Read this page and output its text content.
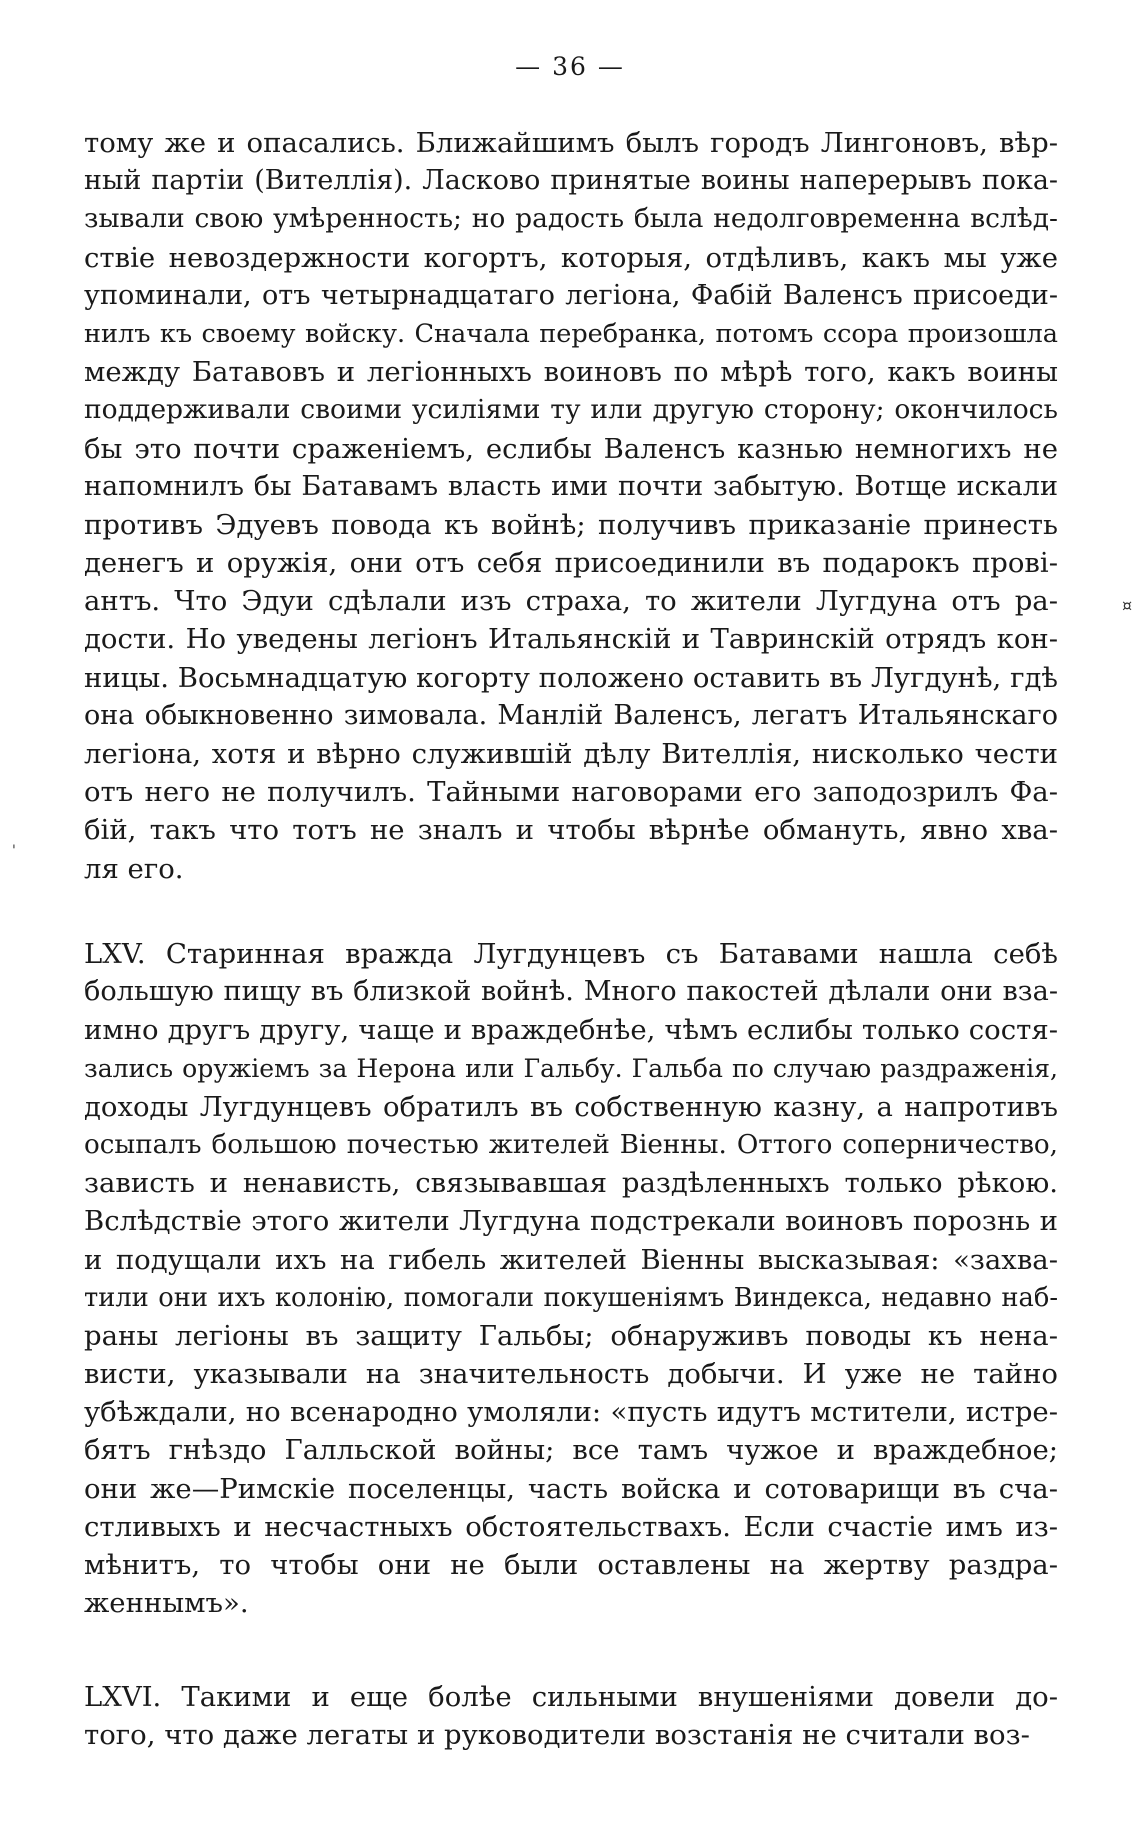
— 36 —
тому же и опасались. Ближайшимъ былъ городъ Лингоновъ, вѣр-
ный партіи (Вителлія). Ласково принятые воины наперерывъ пока-
зывали свою умѣренность; но радость была недолговременна вслѣд-
ствіе невоздержности когортъ, которыя, отдѣливъ, какъ мы уже
упоминали, отъ четырнадцатаго легіона, Фабій Валенсъ присоеди-
нилъ къ своему войску. Сначала перебранка, потомъ ссора произошла
между Батавовъ и легіонныхъ воиновъ по мѣрѣ того, какъ воины
поддерживали своими усиліями ту или другую сторону; окончилось
бы это почти сраженіемъ, еслибы Валенсъ казнью немногихъ не
напомнилъ бы Батавамъ власть ими почти забытую. Вотще искали
противъ Эдуевъ повода къ войнѣ; получивъ приказаніе принесть
денегъ и оружія, они отъ себя присоединили въ подарокъ прові-
антъ. Что Эдуи сдѣлали изъ страха, то жители Лугдуна отъ ра-
дости. Но уведены легіонъ Итальянскій и Тавринскій отрядъ кон-
ницы. Восьмнадцатую когорту положено оставить въ Лугдунѣ, гдѣ
она обыкновенно зимовала. Манлій Валенсъ, легатъ Итальянскаго
легіона, хотя и вѣрно служившій дѣлу Вителлія, нисколько чести
отъ него не получилъ. Тайными наговорами его заподозрилъ Фа-
бій, такъ что тотъ не зналъ и чтобы вѣрнѣе обмануть, явно хва-
ля его.
LXV. Старинная вражда Лугдунцевъ съ Батавами нашла себѣ
большую пищу въ близкой войнѣ. Много пакостей дѣлали они вза-
имно другъ другу, чаще и враждебнѣе, чѣмъ еслибы только состя-
зались оружіемъ за Нерона или Гальбу. Гальба по случаю раздраженія,
доходы Лугдунцевъ обратилъ въ собственную казну, а напротивъ
осыпалъ большою почестью жителей Віенны. Оттого соперничество,
зависть и ненависть, связывавшая раздѣленныхъ только рѣкою.
Вслѣдствіе этого жители Лугдуна подстрекали воиновъ порознь и
и подущали ихъ на гибель жителей Віенны высказывая: «захва-
тили они ихъ колонію, помогали покушеніямъ Виндекса, недавно наб-
раны легіоны въ защиту Гальбы; обнаруживъ поводы къ нена-
висти, указывали на значительность добычи. И уже не тайно
убѣждали, но всенародно умоляли: «пусть идутъ мстители, истре-
бятъ гнѣздо Галльской войны; все тамъ чужое и враждебное;
они же—Римскіе поселенцы, часть войска и сотоварищи въ сча-
стливыхъ и несчастныхъ обстоятельствахъ. Если счастіе имъ из-
мѣнитъ, то чтобы они не были оставлены на жертву раздра-
женнымъ».
LXVI. Такими и еще болѣе сильными внушеніями довели до-
того, что даже легаты и руководители возстанія не считали воз-
¤
'
